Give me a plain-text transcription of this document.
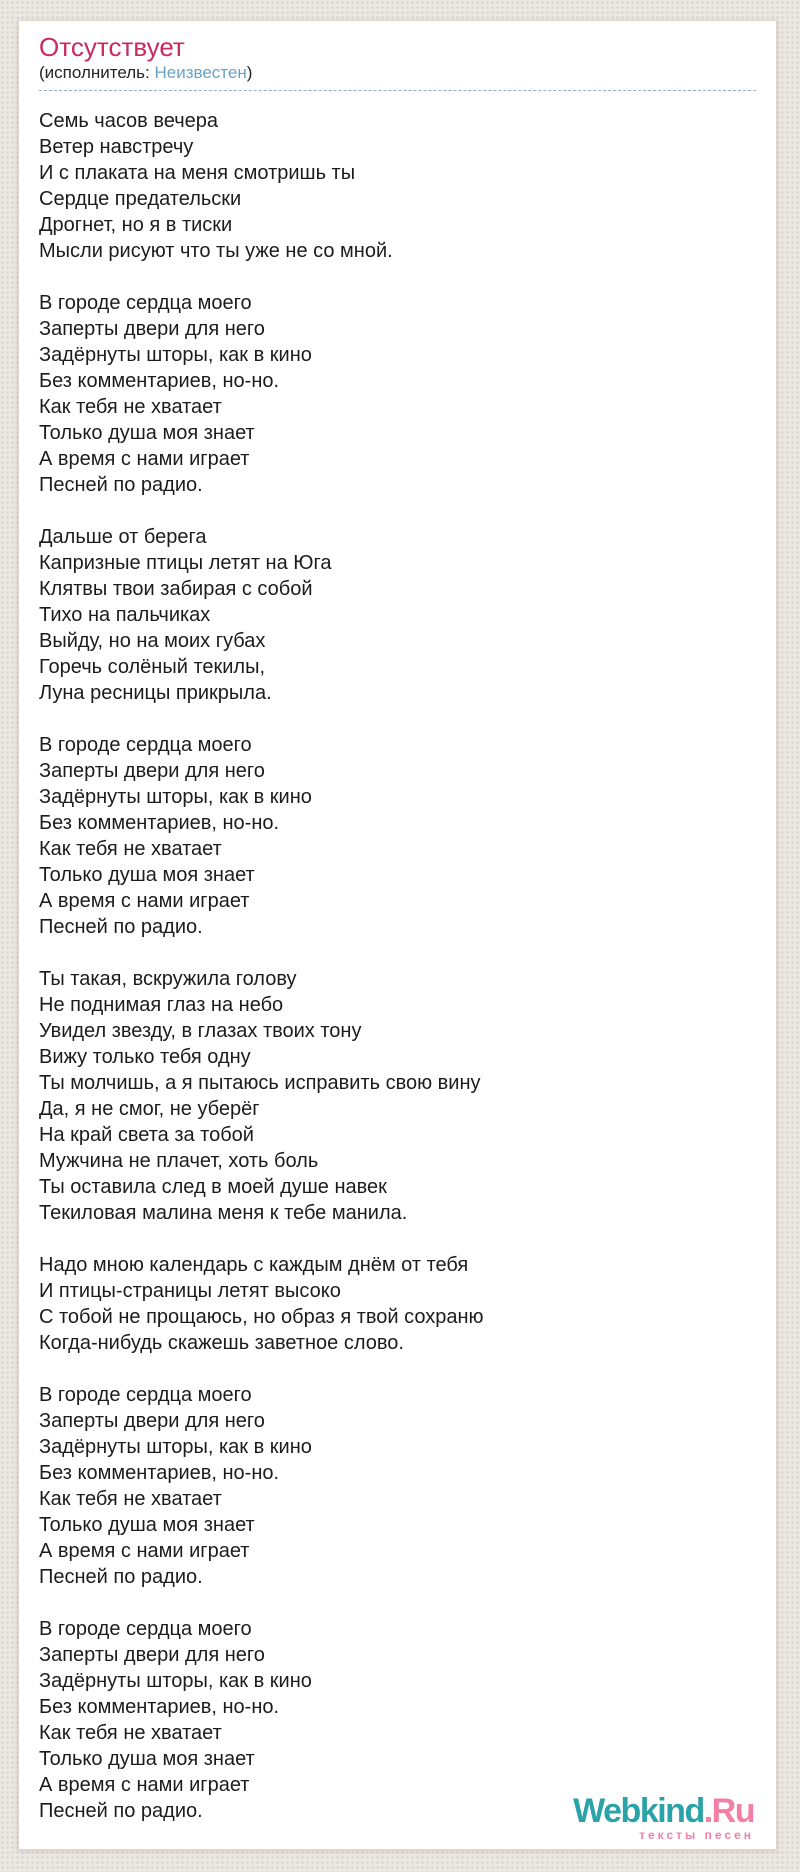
Отсутствует
(исполнитель: Неизвестен)
Семь часов вечера
Ветер навстречу
И с плаката на меня смотришь ты
Сердце предательски
Дрогнет, но я в тиски
Мысли рисуют что ты уже не со мной.
В городе сердца моего
Заперты двери для него
Задёрнуты шторы, как в кино
Без комментариев, но-но.
Как тебя не хватает
Только душа моя знает
А время с нами играет
Песней по радио.
Дальше от берега
Капризные птицы летят на Юга
Клятвы твои забирая с собой
Тихо на пальчиках
Выйду, но на моих губах
Горечь солёный текилы,
Луна ресницы прикрыла.
В городе сердца моего
Заперты двери для него
Задёрнуты шторы, как в кино
Без комментариев, но-но.
Как тебя не хватает
Только душа моя знает
А время с нами играет
Песней по радио.
Ты такая, вскружила голову
Не поднимая глаз на небо
Увидел звезду, в глазах твоих тону
Вижу только тебя одну
Ты молчишь, а я пытаюсь исправить свою вину
Да, я не смог, не уберёг
На край света за тобой
Мужчина не плачет, хоть боль
Ты оставила след в моей душе навек
Текиловая малина меня к тебе манила.
Надо мною календарь с каждым днём от тебя
И птицы-страницы летят высоко
С тобой не прощаюсь, но образ я твой сохраню
Когда-нибудь скажешь заветное слово.
В городе сердца моего
Заперты двери для него
Задёрнуты шторы, как в кино
Без комментариев, но-но.
Как тебя не хватает
Только душа моя знает
А время с нами играет
Песней по радио.
В городе сердца моего
Заперты двери для него
Задёрнуты шторы, как в кино
Без комментариев, но-но.
Как тебя не хватает
Только душа моя знает
А время с нами играет
Песней по радио.	Webkind.Ru
тексты песен
